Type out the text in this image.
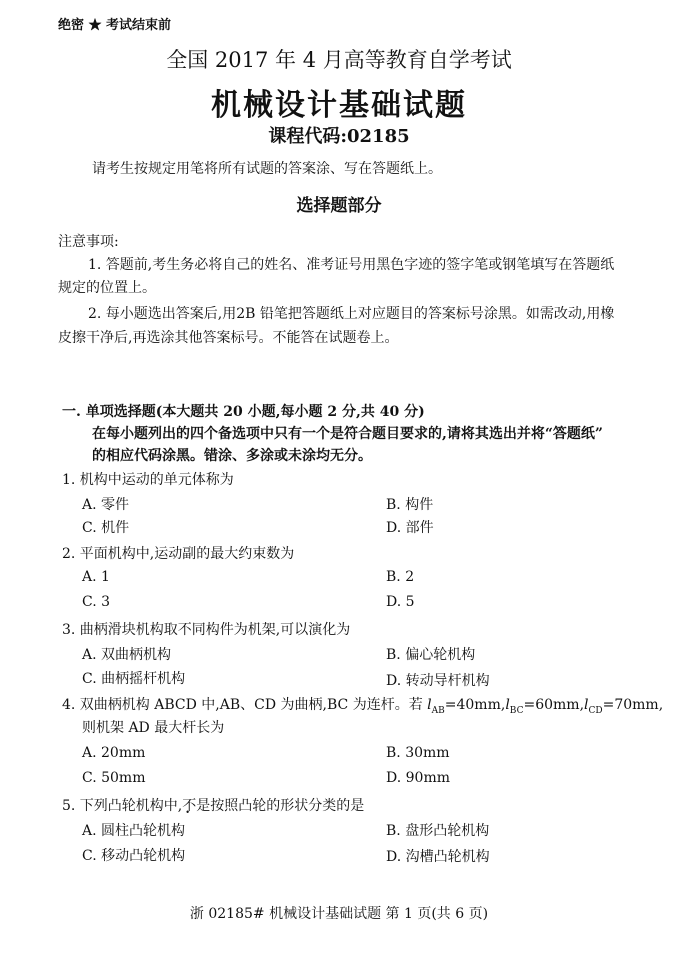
绝密 ★ 考试结束前
全国 2017 年 4 月高等教育自学考试
机械设计基础试题
课程代码:02185
请考生按规定用笔将所有试题的答案涂、写在答题纸上。
选择题部分
注意事项:
1. 答题前,考生务必将自己的姓名、准考证号用黑色字迹的签字笔或钢笔填写在答题纸
规定的位置上。
2. 每小题选出答案后,用2B 铅笔把答题纸上对应题目的答案标号涂黑。如需改动,用橡
皮擦干净后,再选涂其他答案标号。不能答在试题卷上。
一. 单项选择题(本大题共 20 小题,每小题 2 分,共 40 分)
在每小题列出的四个备选项中只有一个是符合题目要求的,请将其选出并将“答题纸”
的相应代码涂黑。错涂、多涂或未涂均无分。
1. 机构中运动的单元体称为
A. 零件	B. 构件
C. 机件	D. 部件
2. 平面机构中,运动副的最大约束数为
A. 1	B. 2
C. 3	D. 5
3. 曲柄滑块机构取不同构件为机架,可以演化为
A. 双曲柄机构	B. 偏心轮机构
C. 曲柄摇杆机构	D. 转动导杆机构
4. 双曲柄机构 ABCD 中,AB、CD 为曲柄,BC 为连杆。若 $l_{AB}=40mm,l_{BC}=60mm,l_{CD}=70mm$,
则机架 AD 最大杆长为
A. 20mm	B. 30mm
C. 50mm	D. 90mm
5. 下列凸轮机构中,不是按照凸轮的形状分类的是
A. 圆柱凸轮机构	B. 盘形凸轮机构
C. 移动凸轮机构	D. 沟槽凸轮机构
浙 02185# 机械设计基础试题 第 1 页(共 6 页)
